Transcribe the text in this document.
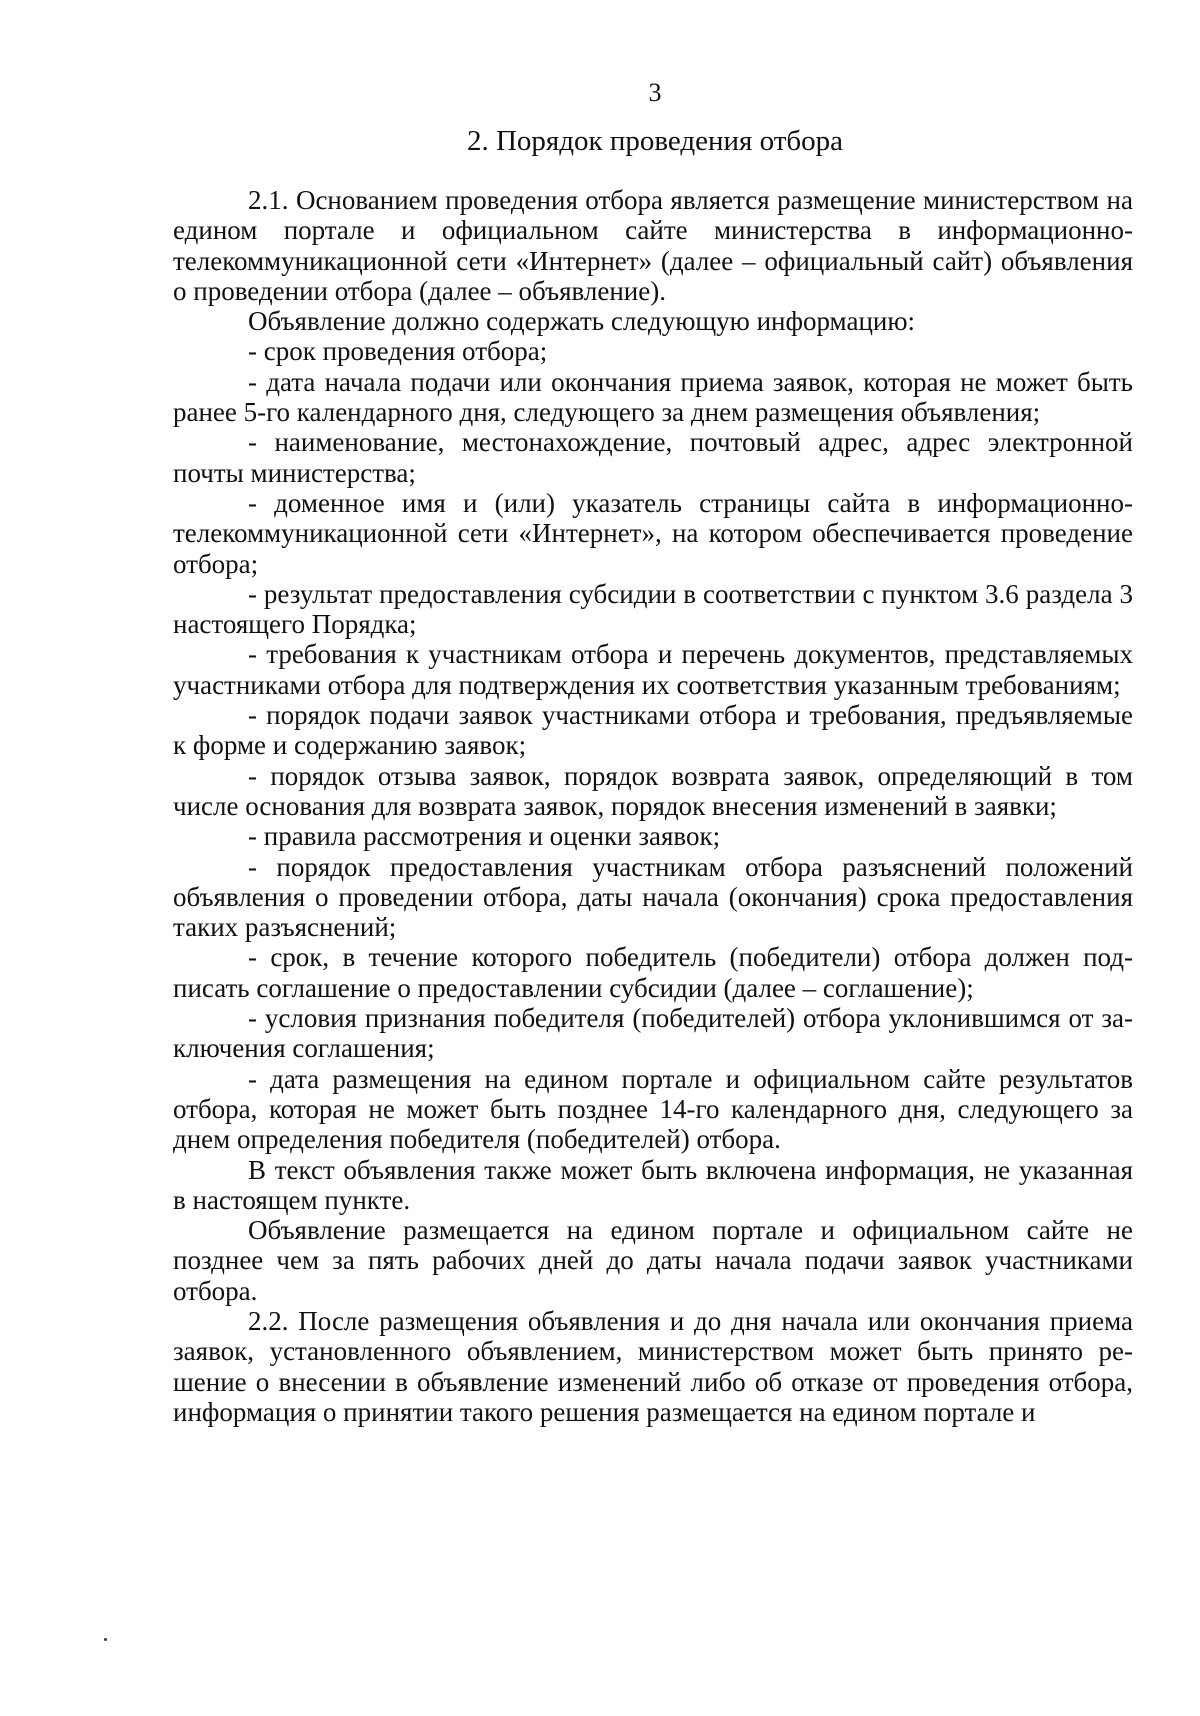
3
2. Порядок проведения отбора

2.1. Основанием проведения отбора является размещение министерством на едином портале и официальном сайте министерства в информационно-телекоммуникационной сети «Интернет» (далее – официальный сайт) объявления о проведении отбора (далее – объявление).

Объявление должно содержать следующую информацию:

- срок проведения отбора;

- дата начала подачи или окончания приема заявок, которая не может быть ранее 5-го календарного дня, следующего за днем размещения объявления;

- наименование, местонахождение, почтовый адрес, адрес электронной почты министерства;

- доменное имя и (или) указатель страницы сайта в информационно-телекоммуникационной сети «Интернет», на котором обеспечивается проведение отбора;

- результат предоставления субсидии в соответствии с пунктом 3.6 раздела 3 настоящего Порядка;

- требования к участникам отбора и перечень документов, представляемых участниками отбора для подтверждения их соответствия указанным требованиям;

- порядок подачи заявок участниками отбора и требования, предъявляемые к форме и содержанию заявок;

- порядок отзыва заявок, порядок возврата заявок, определяющий в том числе основания для возврата заявок, порядок внесения изменений в заявки;

- правила рассмотрения и оценки заявок;

- порядок предоставления участникам отбора разъяснений положений объявления о проведении отбора, даты начала (окончания) срока предоставления таких разъяснений;

- срок, в течение которого победитель (победители) отбора должен подписать соглашение о предоставлении субсидии (далее – соглашение);

- условия признания победителя (победителей) отбора уклонившимся от заключения соглашения;

- дата размещения на едином портале и официальном сайте результатов отбора, которая не может быть позднее 14-го календарного дня, следующего за днем определения победителя (победителей) отбора.

В текст объявления также может быть включена информация, не указанная в настоящем пункте.

Объявление размещается на едином портале и официальном сайте не позднее чем за пять рабочих дней до даты начала подачи заявок участниками отбора.

2.2. После размещения объявления и до дня начала или окончания приема заявок, установленного объявлением, министерством может быть принято решение о внесении в объявление изменений либо об отказе от проведения отбора, информация о принятии такого решения размещается на едином портале и
